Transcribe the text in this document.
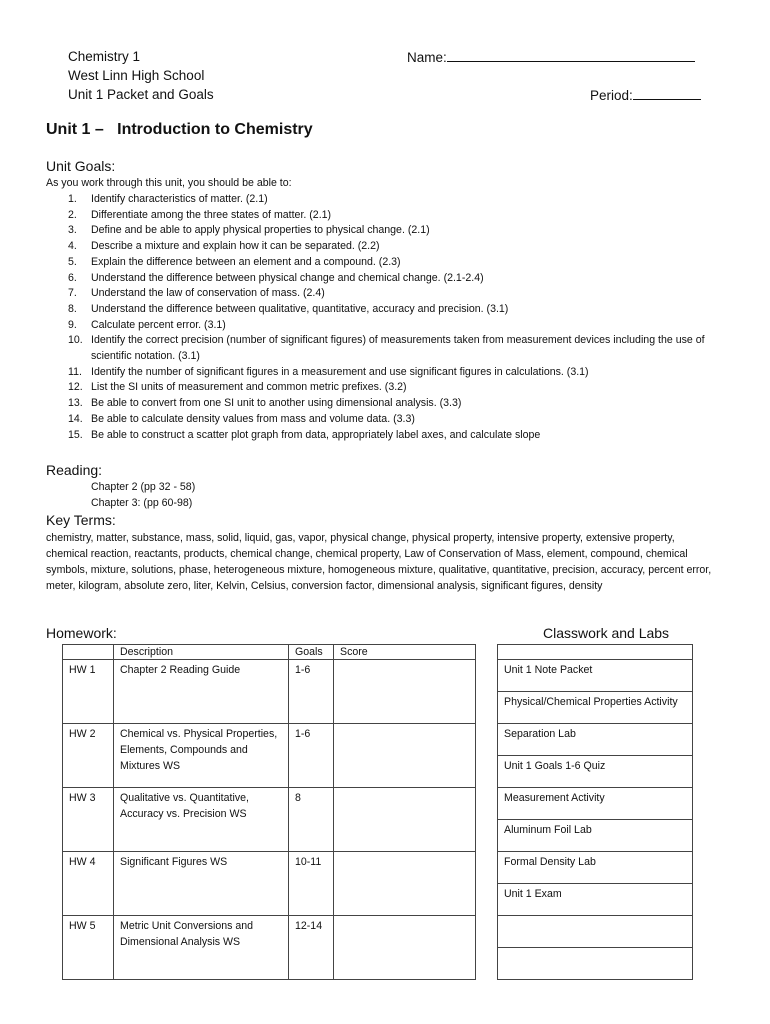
Chemistry 1
West Linn High School
Unit 1 Packet and Goals
Name:
Period:
Unit 1 –   Introduction to Chemistry
Unit Goals:
As you work through this unit, you should be able to:
1. Identify characteristics of matter. (2.1)
2. Differentiate among the three states of matter. (2.1)
3. Define and be able to apply physical properties to physical change. (2.1)
4. Describe a mixture and explain how it can be separated. (2.2)
5. Explain the difference between an element and a compound. (2.3)
6. Understand the difference between physical change and chemical change. (2.1-2.4)
7. Understand the law of conservation of mass. (2.4)
8. Understand the difference between qualitative, quantitative, accuracy and precision. (3.1)
9. Calculate percent error. (3.1)
10. Identify the correct precision (number of significant figures) of measurements taken from measurement devices including the use of scientific notation. (3.1)
11. Identify the number of significant figures in a measurement and use significant figures in calculations. (3.1)
12. List the SI units of measurement and common metric prefixes. (3.2)
13. Be able to convert from one SI unit to another using dimensional analysis. (3.3)
14. Be able to calculate density values from mass and volume data. (3.3)
15. Be able to construct a scatter plot graph from data, appropriately label axes, and calculate slope
Reading:
Chapter 2 (pp 32 - 58)
Chapter 3: (pp 60-98)
Key Terms:
chemistry, matter, substance, mass, solid, liquid, gas, vapor, physical change, physical property, intensive property, extensive property, chemical reaction, reactants, products, chemical change, chemical property, Law of Conservation of Mass, element, compound, chemical symbols, mixture, solutions, phase, heterogeneous mixture, homogeneous mixture, qualitative, quantitative, precision, accuracy, percent error, meter, kilogram, absolute zero, liter, Kelvin, Celsius, conversion factor, dimensional analysis, significant figures, density
Homework:	Classwork and Labs
	Description	Goals	Score		
HW 1	Chapter 2 Reading Guide	1-6			Unit 1 Note Packet
					Physical/Chemical Properties Activity
HW 2	Chemical vs. Physical Properties, Elements, Compounds and Mixtures WS	1-6			Separation Lab
					Unit 1 Goals 1-6 Quiz
HW 3	Qualitative vs. Quantitative, Accuracy vs. Precision WS	8			Measurement Activity
					Aluminum Foil Lab
HW 4	Significant Figures WS	10-11			Formal Density Lab
					Unit 1 Exam
HW 5	Metric Unit Conversions and Dimensional Analysis WS	12-14			
